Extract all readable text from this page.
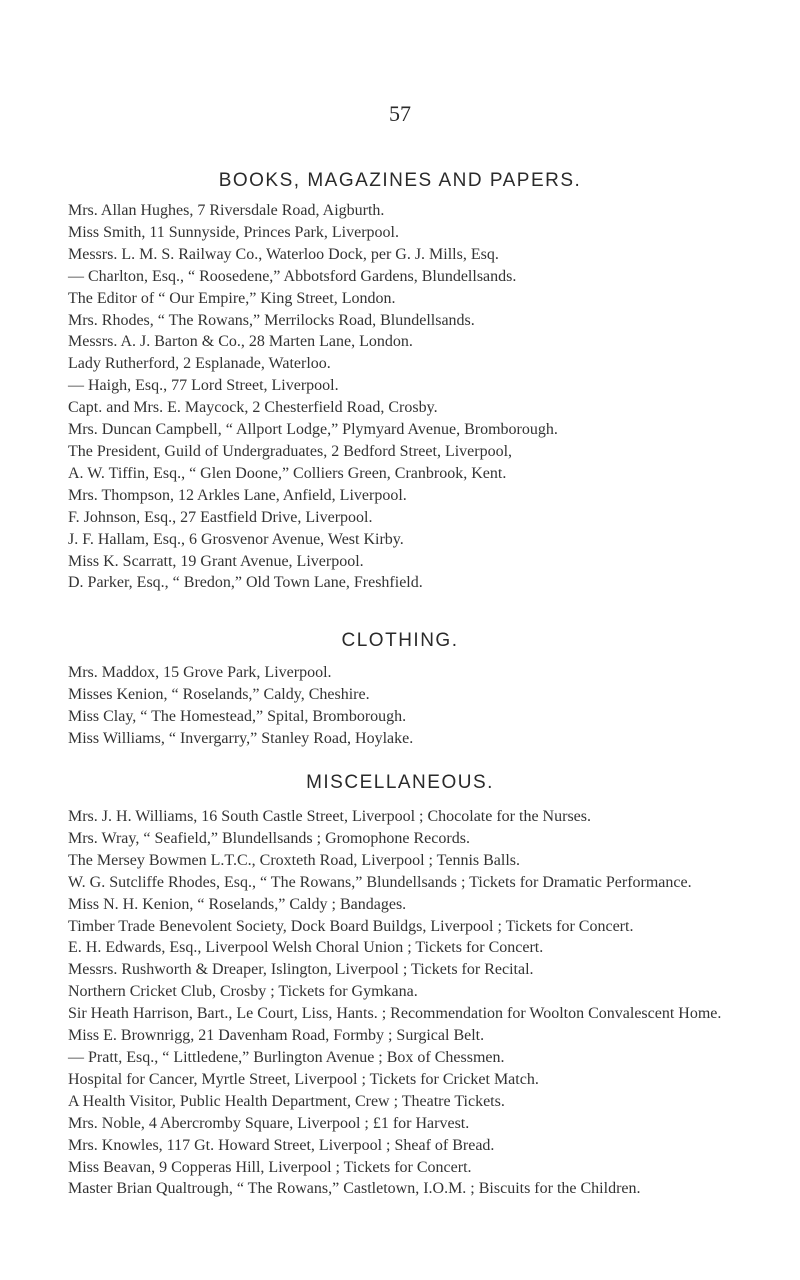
57
BOOKS, MAGAZINES AND PAPERS.
Mrs. Allan Hughes, 7 Riversdale Road, Aigburth.
Miss Smith, 11 Sunnyside, Princes Park, Liverpool.
Messrs. L. M. S. Railway Co., Waterloo Dock, per G. J. Mills, Esq.
— Charlton, Esq., “ Roosedene,” Abbotsford Gardens, Blundellsands.
The Editor of “ Our Empire,” King Street, London.
Mrs. Rhodes, “ The Rowans,” Merrilocks Road, Blundellsands.
Messrs. A. J. Barton & Co., 28 Marten Lane, London.
Lady Rutherford, 2 Esplanade, Waterloo.
— Haigh, Esq., 77 Lord Street, Liverpool.
Capt. and Mrs. E. Maycock, 2 Chesterfield Road, Crosby.
Mrs. Duncan Campbell, “ Allport Lodge,” Plymyard Avenue, Bromborough.
The President, Guild of Undergraduates, 2 Bedford Street, Liverpool,
A. W. Tiffin, Esq., “ Glen Doone,” Colliers Green, Cranbrook, Kent.
Mrs. Thompson, 12 Arkles Lane, Anfield, Liverpool.
F. Johnson, Esq., 27 Eastfield Drive, Liverpool.
J. F. Hallam, Esq., 6 Grosvenor Avenue, West Kirby.
Miss K. Scarratt, 19 Grant Avenue, Liverpool.
D. Parker, Esq., “ Bredon,” Old Town Lane, Freshfield.
CLOTHING.
Mrs. Maddox, 15 Grove Park, Liverpool.
Misses Kenion, “ Roselands,” Caldy, Cheshire.
Miss Clay, “ The Homestead,” Spital, Bromborough.
Miss Williams, “ Invergarry,” Stanley Road, Hoylake.
MISCELLANEOUS.
Mrs. J. H. Williams, 16 South Castle Street, Liverpool ; Chocolate for the Nurses.
Mrs. Wray, “ Seafield,” Blundellsands ; Gromophone Records.
The Mersey Bowmen L.T.C., Croxteth Road, Liverpool ; Tennis Balls.
W. G. Sutcliffe Rhodes, Esq., “ The Rowans,” Blundellsands ; Tickets for Dramatic Performance.
Miss N. H. Kenion, “ Roselands,” Caldy ; Bandages.
Timber Trade Benevolent Society, Dock Board Buildgs, Liverpool ; Tickets for Concert.
E. H. Edwards, Esq., Liverpool Welsh Choral Union ; Tickets for Concert.
Messrs. Rushworth & Dreaper, Islington, Liverpool ; Tickets for Recital.
Northern Cricket Club, Crosby ; Tickets for Gymkana.
Sir Heath Harrison, Bart., Le Court, Liss, Hants. ; Recommendation for Woolton Convalescent Home.
Miss E. Brownrigg, 21 Davenham Road, Formby ; Surgical Belt.
— Pratt, Esq., “ Littledene,” Burlington Avenue ; Box of Chessmen.
Hospital for Cancer, Myrtle Street, Liverpool ; Tickets for Cricket Match.
A Health Visitor, Public Health Department, Crew ; Theatre Tickets.
Mrs. Noble, 4 Abercromby Square, Liverpool ; £1 for Harvest.
Mrs. Knowles, 117 Gt. Howard Street, Liverpool ; Sheaf of Bread.
Miss Beavan, 9 Copperas Hill, Liverpool ; Tickets for Concert.
Master Brian Qualtrough, “ The Rowans,” Castletown, I.O.M. ; Biscuits for the Children.
